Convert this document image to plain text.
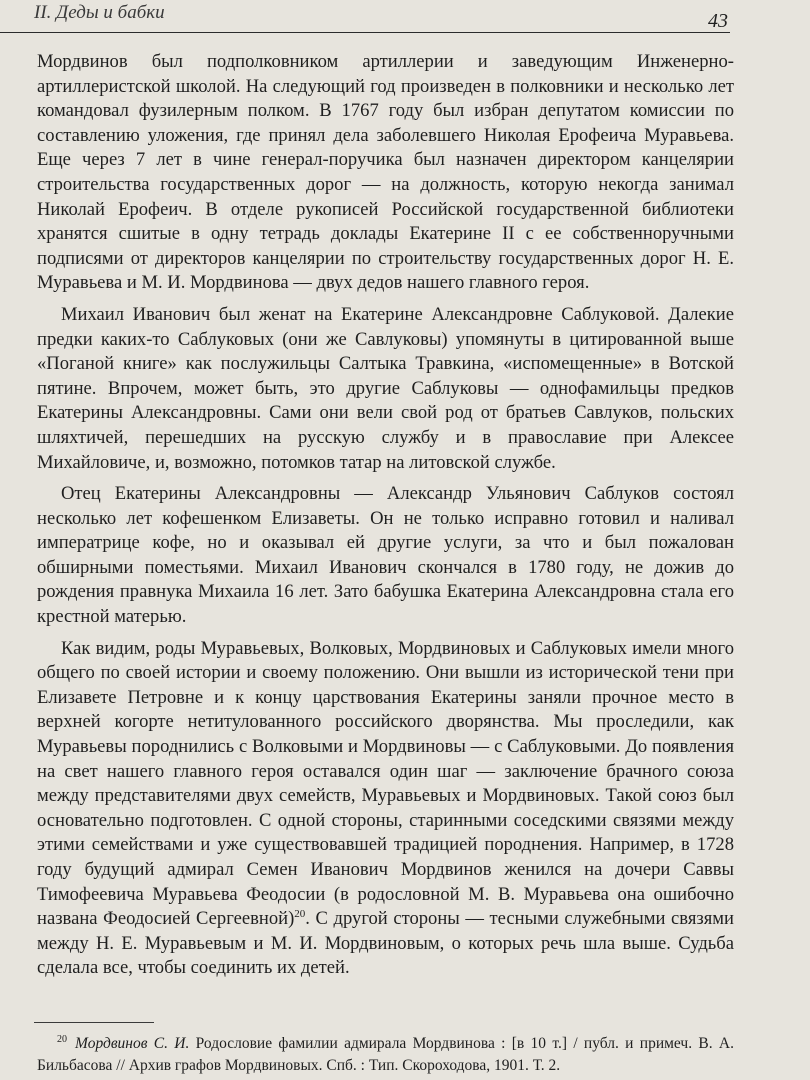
II. Деды и бабки	43

Мордвинов был подполковником артиллерии и заведующим Инженерно-артиллеристской школой. На следующий год произведен в полковники и несколько лет командовал фузилерным полком. В 1767 году был избран депутатом комиссии по составлению уложения, где принял дела заболевшего Николая Ерофеича Муравьева. Еще через 7 лет в чине генерал-поручика был назначен директором канцелярии строительства государственных дорог — на должность, которую некогда занимал Николай Ерофеич. В отделе рукописей Российской государственной библиотеки хранятся сшитые в одну тетрадь доклады Екатерине II с ее собственноручными подписями от директоров канцелярии по строительству государственных дорог Н. Е. Муравьева и М. И. Мордвинова — двух дедов нашего главного героя.

Михаил Иванович был женат на Екатерине Александровне Саблуковой. Далекие предки каких-то Саблуковых (они же Савлуковы) упомянуты в цитированной выше «Поганой книге» как послужильцы Салтыка Травкина, «испомещенные» в Вотской пятине. Впрочем, может быть, это другие Саблуковы — однофамильцы предков Екатерины Александровны. Сами они вели свой род от братьев Савлуков, польских шляхтичей, перешедших на русскую службу и в православие при Алексее Михайловиче, и, возможно, потомков татар на литовской службе.

Отец Екатерины Александровны — Александр Ульянович Саблуков состоял несколько лет кофешенком Елизаветы. Он не только исправно готовил и наливал императрице кофе, но и оказывал ей другие услуги, за что и был пожалован обширными поместьями. Михаил Иванович скончался в 1780 году, не дожив до рождения правнука Михаила 16 лет. Зато бабушка Екатерина Александровна стала его крестной матерью.

Как видим, роды Муравьевых, Волковых, Мордвиновых и Саблуковых имели много общего по своей истории и своему положению. Они вышли из исторической тени при Елизавете Петровне и к концу царствования Екатерины заняли прочное место в верхней когорте нетитулованного российского дворянства. Мы проследили, как Муравьевы породнились с Волковыми и Мордвиновы — с Саблуковыми. До появления на свет нашего главного героя оставался один шаг — заключение брачного союза между представителями двух семейств, Муравьевых и Мордвиновых. Такой союз был основательно подготовлен. С одной стороны, старинными соседскими связями между этими семействами и уже существовавшей традицией породнения. Например, в 1728 году будущий адмирал Семен Иванович Мордвинов женился на дочери Саввы Тимофеевича Муравьева Феодосии (в родословной М. В. Муравьева она ошибочно названа Феодосией Сергеевной)$^{20}$. С другой стороны — тесными служебными связями между Н. Е. Муравьевым и М. И. Мордвиновым, о которых речь шла выше. Судьба сделала все, чтобы соединить их детей.

$^{20}$ Мордвинов С. И. Родословие фамилии адмирала Мордвинова : [в 10 т.] / публ. и примеч. В. А. Бильбасова // Архив графов Мордвиновых. Спб. : Тип. Скороходова, 1901. Т. 2.
